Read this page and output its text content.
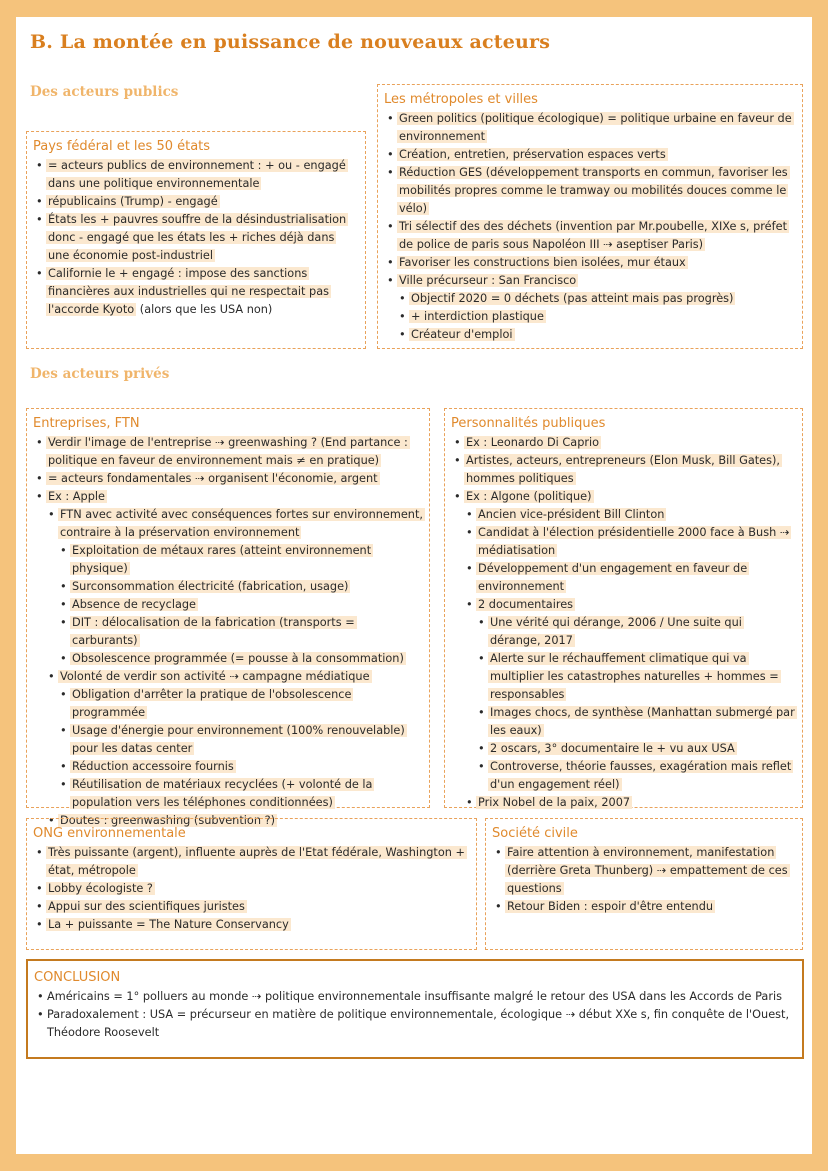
B. La montée en puissance de nouveaux acteurs
Des acteurs publics
Pays fédéral et les 50 états
• = acteurs publics de environnement : + ou - engagé dans une politique environnementale
• républicains (Trump) - engagé
• États les + pauvres souffre de la désindustrialisation donc - engagé que les états les + riches déjà dans une économie post-industriel
• Californie le + engagé : impose des sanctions financières aux industrielles qui ne respectait pas l'accorde Kyoto (alors que les USA non)
Les métropoles et villes
• Green politics (politique écologique) = politique urbaine en faveur de environnement
• Création, entretien, préservation espaces verts
• Réduction GES (développement transports en commun, favoriser les mobilités propres comme le tramway ou mobilités douces comme le vélo)
• Tri sélectif des des déchets (invention par Mr.poubelle, XIXe s, préfet de police de paris sous Napoléon III ⇢ aseptiser Paris)
• Favoriser les constructions bien isolées, mur étaux
• Ville précurseur : San Francisco
• Objectif 2020 = 0 déchets (pas atteint mais pas progrès)
• + interdiction plastique
• Créateur d'emploi
Des acteurs privés
Entreprises, FTN
• Verdir l'image de l'entreprise ⇢ greenwashing ? (End partance : politique en faveur de environnement mais ≠ en pratique)
• = acteurs fondamentales ⇢ organisent l'économie, argent
• Ex : Apple
• FTN avec activité avec conséquences fortes sur environnement, contraire à la préservation environnement
• Exploitation de métaux rares (atteint environnement physique)
• Surconsommation électricité (fabrication, usage)
• Absence de recyclage
• DIT : délocalisation de la fabrication (transports = carburants)
• Obsolescence programmée (= pousse à la consommation)
• Volonté de verdir son activité ⇢ campagne médiatique
• Obligation d'arrêter la pratique de l'obsolescence programmée
• Usage d'énergie pour environnement (100% renouvelable) pour les datas center
• Réduction accessoire fournis
• Réutilisation de matériaux recyclées (+ volonté de la population vers les téléphones conditionnées)
• Doutes : greenwashing (subvention ?)
Personnalités publiques
• Ex : Leonardo Di Caprio
• Artistes, acteurs, entrepreneurs (Elon Musk, Bill Gates), hommes politiques
• Ex : Algone (politique)
• Ancien vice-président Bill Clinton
• Candidat à l'élection présidentielle 2000 face à Bush ⇢ médiatisation
• Développement d'un engagement en faveur de environnement
• 2 documentaires
• Une vérité qui dérange, 2006 / Une suite qui dérange, 2017
• Alerte sur le réchauffement climatique qui va multiplier les catastrophes naturelles + hommes = responsables
• Images chocs, de synthèse (Manhattan submergé par les eaux)
• 2 oscars, 3° documentaire le + vu aux USA
• Controverse, théorie fausses, exagération mais reflet d'un engagement réel)
• Prix Nobel de la paix, 2007
ONG environnementale
• Très puissante (argent), influente auprès de l'Etat fédérale, Washington + état, métropole
• Lobby écologiste ?
• Appui sur des scientifiques juristes
• La + puissante = The Nature Conservancy
Société civile
• Faire attention à environnement, manifestation (derrière Greta Thunberg) ⇢ empattement de ces questions
• Retour Biden : espoir d'être entendu
CONCLUSION
• Américains = 1° polluers au monde ⇢ politique environnementale insuffisante malgré le retour des USA dans les Accords de Paris
• Paradoxalement : USA = précurseur en matière de politique environnementale, écologique ⇢ début XXe s, fin conquête de l'Ouest, Théodore Roosevelt
